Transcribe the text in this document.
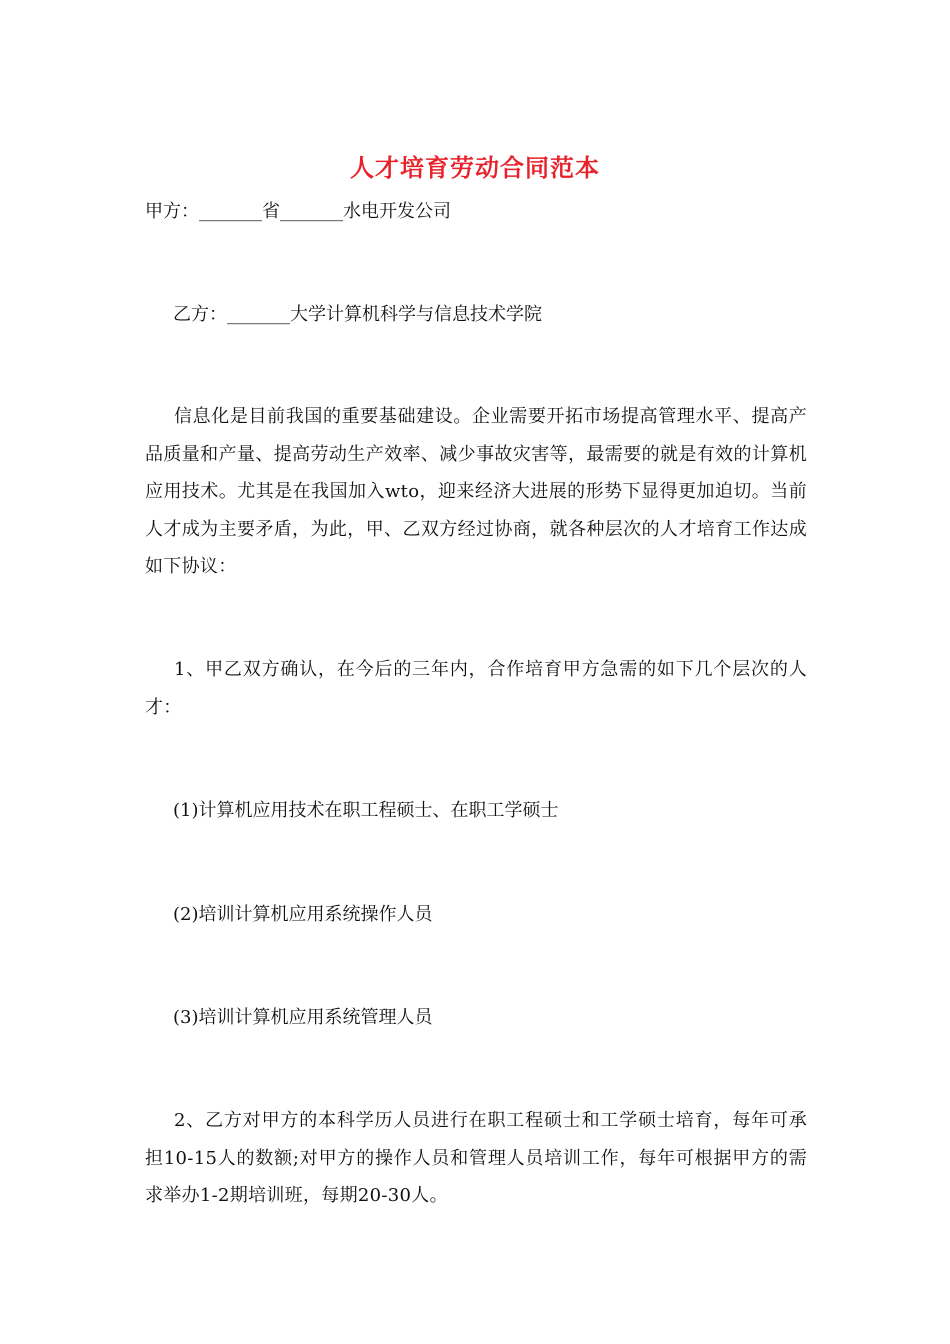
人才培育劳动合同范本

甲方：_______省_______水电开发公司

乙方：_______大学计算机科学与信息技术学院

信息化是目前我国的重要基础建设。企业需要开拓市场提高管理水平、提高产品质量和产量、提高劳动生产效率、减少事故灾害等，最需要的就是有效的计算机应用技术。尤其是在我国加入wto，迎来经济大进展的形势下显得更加迫切。当前人才成为主要矛盾，为此，甲、乙双方经过协商，就各种层次的人才培育工作达成如下协议：

1、甲乙双方确认，在今后的三年内，合作培育甲方急需的如下几个层次的人才：

(1)计算机应用技术在职工程硕士、在职工学硕士

(2)培训计算机应用系统操作人员

(3)培训计算机应用系统管理人员

2、乙方对甲方的本科学历人员进行在职工程硕士和工学硕士培育，每年可承担10-15人的数额;对甲方的操作人员和管理人员培训工作，每年可根据甲方的需求举办1-2期培训班，每期20-30人。
